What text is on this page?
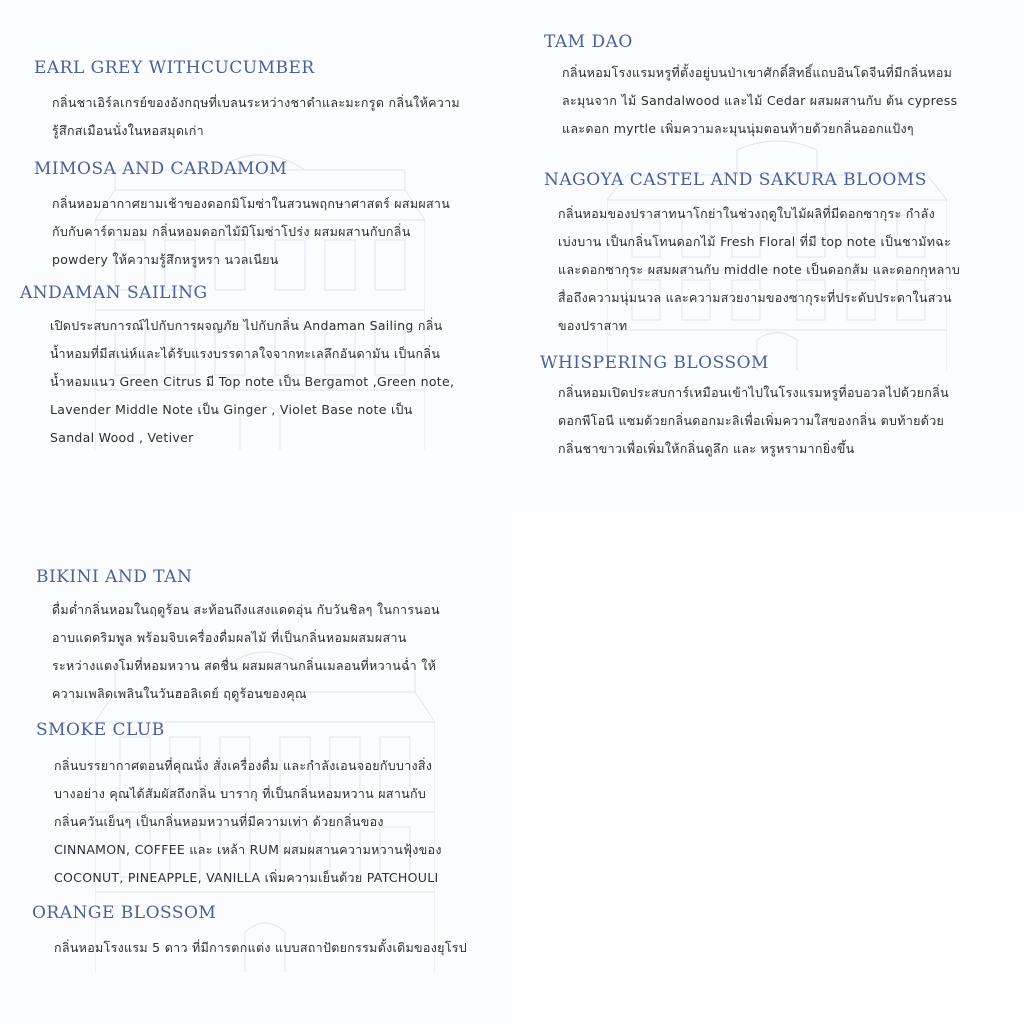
EARL GREY WITHCUCUMBER

กลิ่นชาเอิร์ลเกรย์ของอังกฤษที่เบลนระหว่างชาดำและมะกรูด กลิ่นให้ความ
รู้สึกสเมือนนั่งในหอสมุดเก่า

MIMOSA AND CARDAMOM

กลิ่นหอมอากาศยามเช้าของดอกมิโมซ่าในสวนพฤกษาศาสตร์ ผสมผสาน
กับกับคาร์ดามอม กลิ่นหอมดอกไม้มิโมซ่าโปร่ง ผสมผสานกับกลิ่น
powdery ให้ความรู้สึกหรูหรา นวลเนียน

ANDAMAN SAILING

เปิดประสบการณ์ไปกับการผจญภัย ไปกับกลิ่น Andaman Sailing กลิ่น
น้ำหอมที่มีสเน่ห์และได้รับแรงบรรดาลใจจากทะเลลึกอันดามัน เป็นกลิ่น
น้ำหอมแนว Green Citrus มี Top note เป็น Bergamot ,Green note,
Lavender Middle Note เป็น Ginger , Violet Base note เป็น
Sandal Wood , Vetiver

TAM DAO

กลิ่นหอมโรงแรมหรูที่ตั้งอยู่บนป่าเขาศักดิ์สิทธิ์แถบอินโดจีนที่มีกลิ่นหอม
ละมุนจาก ไม้ Sandalwood และไม้ Cedar ผสมผสานกับ ต้น cypress
และดอก myrtle เพิ่มความละมุนนุ่มตอนท้ายด้วยกลิ่นออกแป้งๆ

NAGOYA CASTEL AND SAKURA BLOOMS

กลิ่นหอมของปราสาทนาโกย่าในช่วงฤดูใบไม้ผลิที่มีดอกซากุระ กำลัง
เบ่งบาน เป็นกลิ่นโทนดอกไม้ Fresh Floral ที่มี top note เป็นชามัทฉะ
และดอกซากุระ ผสมผสานกับ middle note เป็นดอกส้ม และดอกกุหลาบ
สื่อถึงความนุ่มนวล และความสวยงามของซากุระที่ประดับประดาในสวน
ของปราสาท

WHISPERING BLOSSOM

กลิ่นหอมเปิดประสบการ์เหมือนเข้าไปในโรงแรมหรูที่อบอวลไปด้วยกลิ่น
ดอกพีโอนี แซมด้วยกลิ่นดอกมะลิเพื่อเพิ่มความใสของกลิ่น ตบท้ายด้วย
กลิ่นชาขาวเพื่อเพิ่มให้กลิ่นดูลึก และ หรูหรามากยิ่งขึ้น

BIKINI AND TAN

ดื่มด่ำกลิ่นหอมในฤดูร้อน สะท้อนถึงแสงแดดอุ่น กับวันชิลๆ ในการนอน
อาบแดดริมพูล พร้อมจิบเครื่องดื่มผลไม้ ที่เป็นกลิ่นหอมผสมผสาน
ระหว่างแตงโมที่หอมหวาน สดชื่น ผสมผสานกลิ่นเมลอนที่หวานฉ่ำ ให้
ความเพลิดเพลินในวันฮอลิเดย์ ฤดูร้อนของคุณ

SMOKE CLUB

กลิ่นบรรยากาศตอนที่คุณนั่ง สั่งเครื่องดื่ม และกำลังเอนจอยกับบางสิ่ง
บางอย่าง คุณได้สัมผัสถึงกลิ่น บารากุ ที่เป็นกลิ่นหอมหวาน ผสานกับ
กลิ่นควันเย็นๆ เป็นกลิ่นหอมหวานที่มีความเท่า ด้วยกลิ่นของ
CINNAMON, COFFEE และ เหล้า RUM ผสมผสานความหวานฟุ้งของ
COCONUT, PINEAPPLE, VANILLA เพิ่มความเย็นด้วย PATCHOULI

ORANGE BLOSSOM

กลิ่นหอมโรงแรม 5 ดาว ที่มีการตกแต่ง แบบสถาปัตยกรรมดั้งเดิมของยุโรป
